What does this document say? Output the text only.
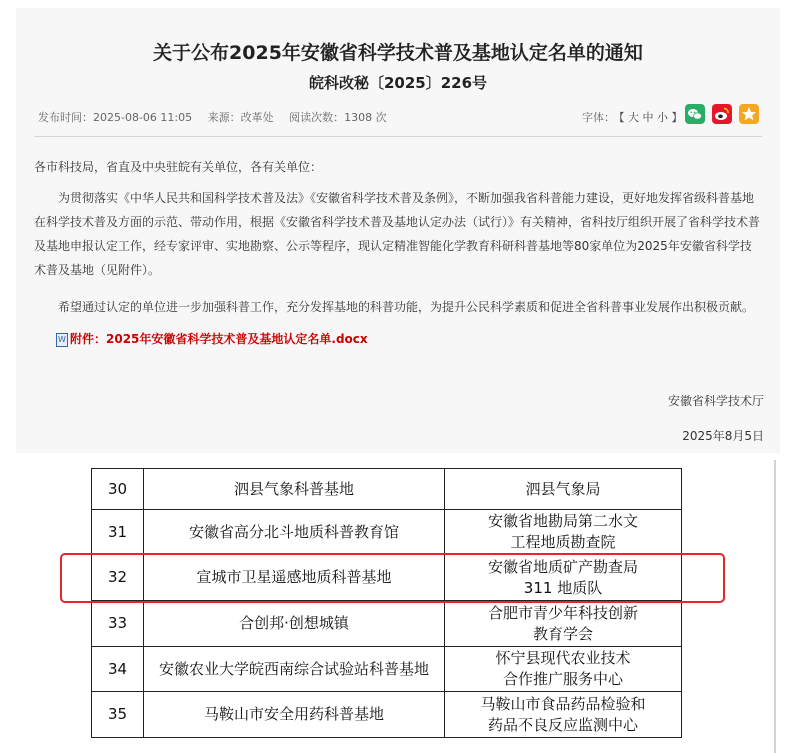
关于公布2025年安徽省科学技术普及基地认定名单的通知
皖科改秘〔2025〕226号
发布时间：2025-08-06 11:05 来源：改革处 阅读次数：1308 次	字体： 【 大 中 小 】
各市科技局，省直及中央驻皖有关单位，各有关单位：
为贯彻落实《中华人民共和国科学技术普及法》《安徽省科学技术普及条例》，不断加强我省科普能力建设，更好地发挥省级科普基地在科学技术普及方面的示范、带动作用，根据《安徽省科学技术普及基地认定办法（试行）》有关精神，省科技厅组织开展了省科学技术普及基地申报认定工作，经专家评审、实地勘察、公示等程序，现认定精准智能化学教育科研科普基地等80家单位为2025年安徽省科学技术普及基地（见附件）。
希望通过认定的单位进一步加强科普工作，充分发挥基地的科普功能，为提升公民科学素质和促进全省科普事业发展作出积极贡献。
W 附件：2025年安徽省科学技术普及基地认定名单.docx
安徽省科学技术厅
2025年8月5日
30	泗县气象科普基地	泗县气象局

31	安徽省高分北斗地质科普教育馆	安徽省地勘局第二水文
工程地质勘查院

32	宣城市卫星遥感地质科普基地	安徽省地质矿产勘查局
311 地质队

33	合创邦·创想城镇	合肥市青少年科技创新
教育学会

34	安徽农业大学皖西南综合试验站科普基地	怀宁县现代农业技术
合作推广服务中心

35	马鞍山市安全用药科普基地	马鞍山市食品药品检验和
药品不良反应监测中心
